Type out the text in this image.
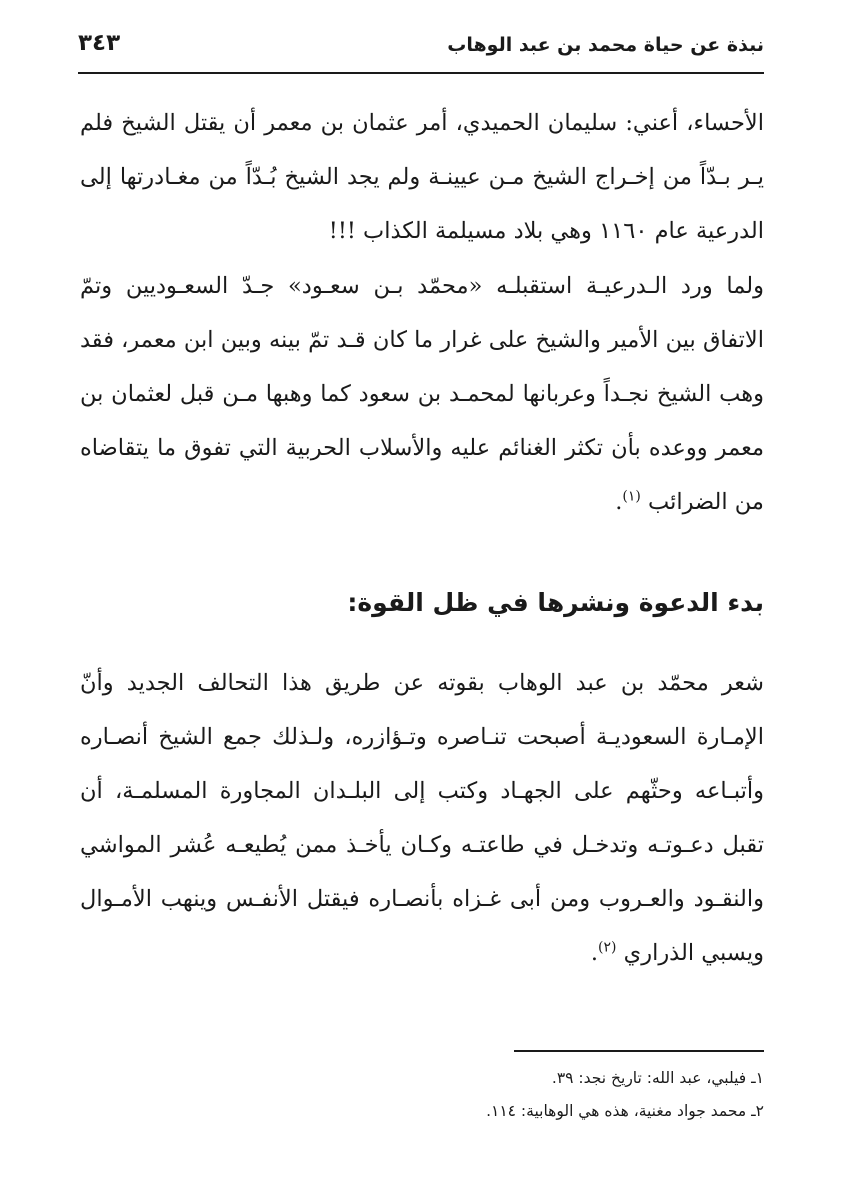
نبذة عن حياة محمد بن عبد الوهاب
٣٤٣

الأحساء، أعني: سليمان الحميدي، أمر عثمان بن معمر أن يقتل الشيخ فلم يـر بـدّاً من إخـراج الشيخ مـن عيينـة ولم يجد الشيخ بُـدّاً من مغـادرتها إلى الدرعية عام ١١٦٠ وهي بلاد مسيلمة الكذاب !!!

ولما ورد الـدرعيـة استقبلـه «محمّد بـن سعـود» جـدّ السعـوديين وتمّ الاتفاق بين الأمير والشيخ على غرار ما كان قـد تمّ بينه وبين ابن معمر، فقد وهب الشيخ نجـداً وعربانها لمحمـد بن سعود كما وهبها مـن قبل لعثمان بن معمر ووعده بأن تكثر الغنائم عليه والأسلاب الحربية التي تفوق ما يتقاضاه من الضرائب $^{(١)}$.

بدء الدعوة ونشرها في ظل القوة:

شعر محمّد بن عبد الوهاب بقوته عن طريق هذا التحالف الجديد وأنّ الإمـارة السعوديـة أصبحت تنـاصره وتـؤازره، ولـذلك جمع الشيخ أنصـاره وأتبـاعه وحثّهم على الجهـاد وكتب إلى البلـدان المجاورة المسلمـة، أن تقبل دعـوتـه وتدخـل في طاعتـه وكـان يأخـذ ممن يُطيعـه عُشر المواشي والنقـود والعـروب ومن أبى غـزاه بأنصـاره فيقتل الأنفـس وينهب الأمـوال ويسبي الذراري $^{(٢)}$.

١ـ فيلبي، عبد الله: تاريخ نجد: ٣٩.
٢ـ محمد جواد مغنية، هذه هي الوهابية: ١١٤.
